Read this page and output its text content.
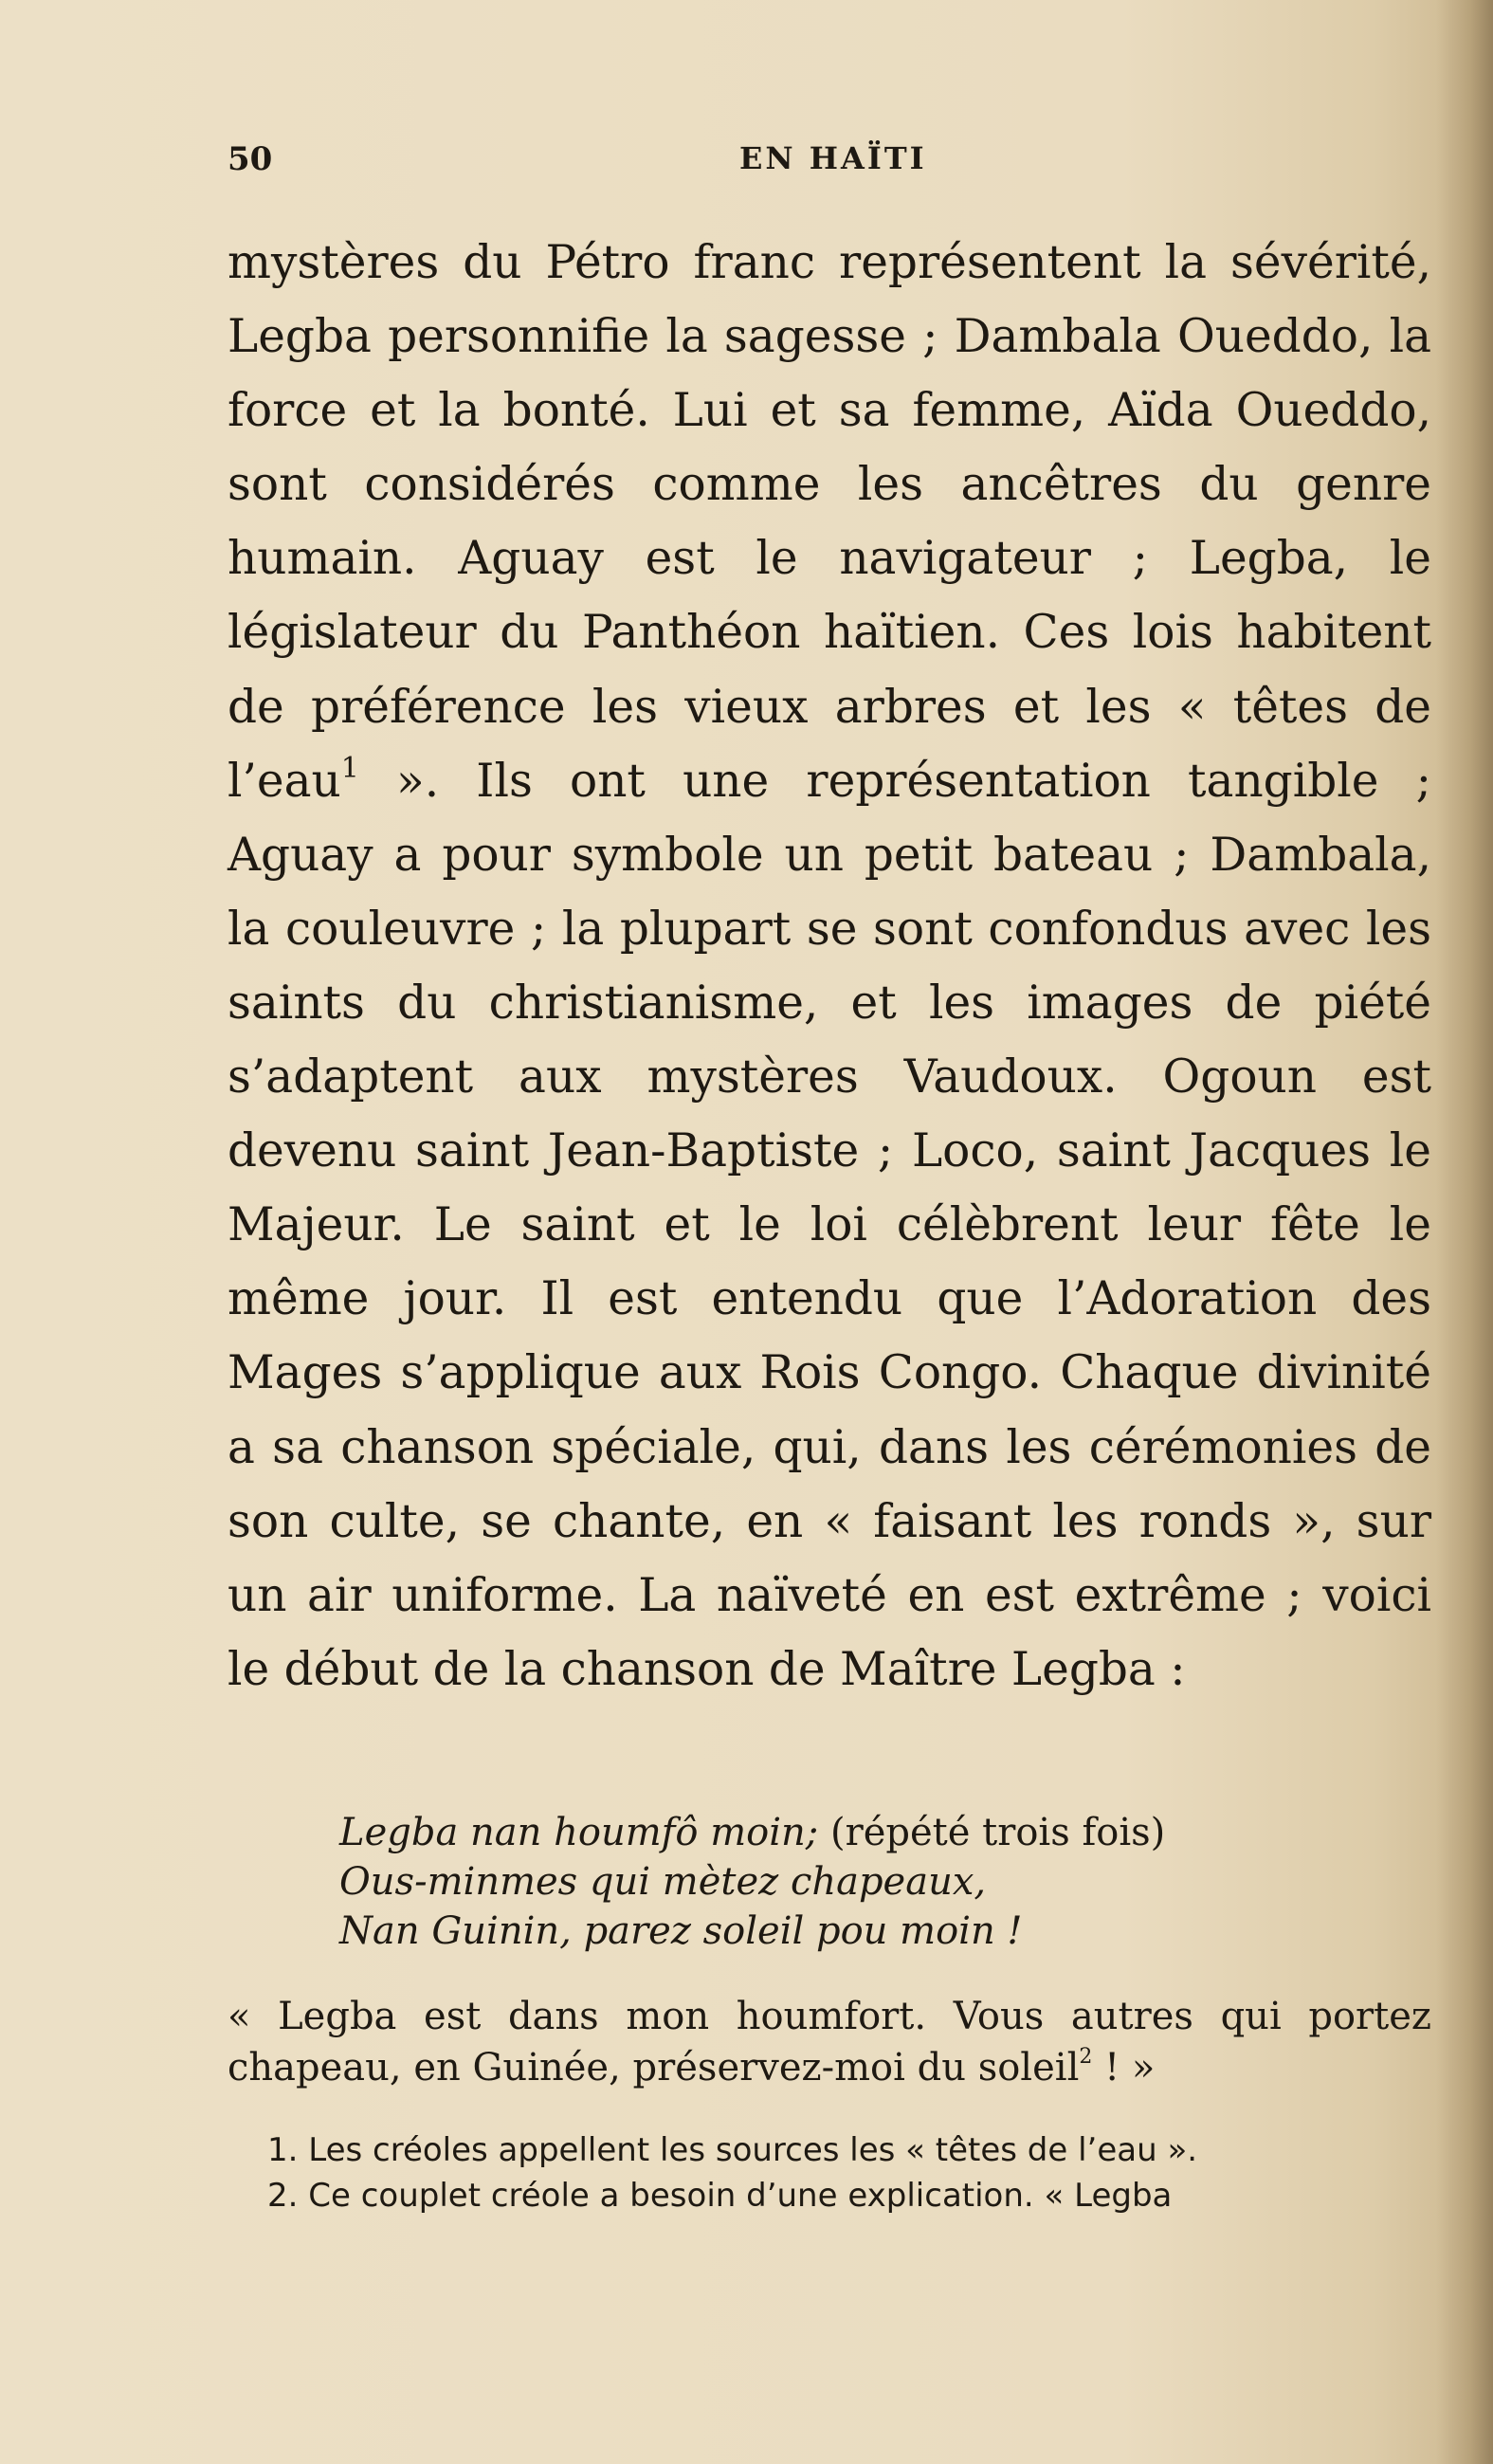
50	EN HAÏTI

mystères du Pétro franc représentent la sévérité, Legba personnifie la sagesse ; Dambala Oueddo, la force et la bonté. Lui et sa femme, Aïda Oueddo, sont considérés comme les ancêtres du genre humain. Aguay est le navigateur ; Legba, le législateur du Panthéon haïtien. Ces lois habitent de préférence les vieux arbres et les « têtes de l’eau$^1$ ». Ils ont une représentation tangible ; Aguay a pour symbole un petit bateau ; Dambala, la couleuvre ; la plupart se sont confondus avec les saints du christianisme, et les images de piété s’adaptent aux mystères Vaudoux. Ogoun est devenu saint Jean-Baptiste ; Loco, saint Jacques le Majeur. Le saint et le loi célèbrent leur fête le même jour. Il est entendu que l’Adoration des Mages s’applique aux Rois Congo. Chaque divinité a sa chanson spéciale, qui, dans les cérémonies de son culte, se chante, en « faisant les ronds », sur un air uniforme. La naïveté en est extrême ; voici le début de la chanson de Maître Legba :

Legba nan houmfô moin; (répété trois fois)
Ous-minmes qui mètez chapeaux,
Nan Guinin, parez soleil pou moin !
« Legba est dans mon houmfort. Vous autres qui portez chapeau, en Guinée, préservez-moi du soleil$^2$ ! »
1. Les créoles appellent les sources les « têtes de l’eau ».
2. Ce couplet créole a besoin d’une explication. « Legba
